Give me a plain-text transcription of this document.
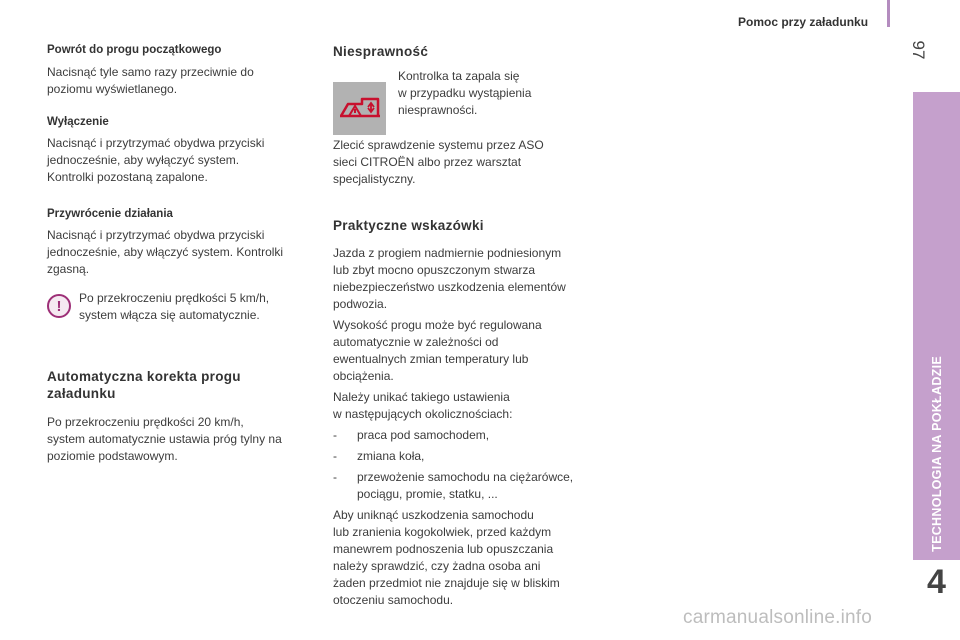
Pomoc przy załadunku
97
TECHNOLOGIA NA POKŁADZIE
4
Powrót do progu początkowego
Nacisnąć tyle samo razy przeciwnie do
poziomu wyświetlanego.
Wyłączenie
Nacisnąć i przytrzymać obydwa przyciski
jednocześnie, aby wyłączyć system.
Kontrolki pozostaną zapalone.
Przywrócenie działania
Nacisnąć i przytrzymać obydwa przyciski
jednocześnie, aby włączyć system. Kontrolki
zgasną.
!	Po przekroczeniu prędkości 5 km/h,
system włącza się automatycznie.
Automatyczna korekta progu
załadunku
Po przekroczeniu prędkości 20 km/h,
system automatycznie ustawia próg tylny na
poziomie podstawowym.
Niesprawność
Kontrolka ta zapala się
w przypadku wystąpienia
niesprawności.
Zlecić sprawdzenie systemu przez ASO
sieci CITROËN albo przez warsztat
specjalistyczny.
Praktyczne wskazówki
Jazda z progiem nadmiernie podniesionym
lub zbyt mocno opuszczonym stwarza
niebezpieczeństwo uszkodzenia elementów
podwozia.
Wysokość progu może być regulowana
automatycznie w zależności od
ewentualnych zmian temperatury lub
obciążenia.
Należy unikać takiego ustawienia
w następujących okolicznościach:
-	praca pod samochodem,
-	zmiana koła,
-	przewożenie samochodu na ciężarówce,
pociągu, promie, statku, ...
Aby uniknąć uszkodzenia samochodu
lub zranienia kogokolwiek, przed każdym
manewrem podnoszenia lub opuszczania
należy sprawdzić, czy żadna osoba ani
żaden przedmiot nie znajduje się w bliskim
otoczeniu samochodu.
carmanualsonline.info
